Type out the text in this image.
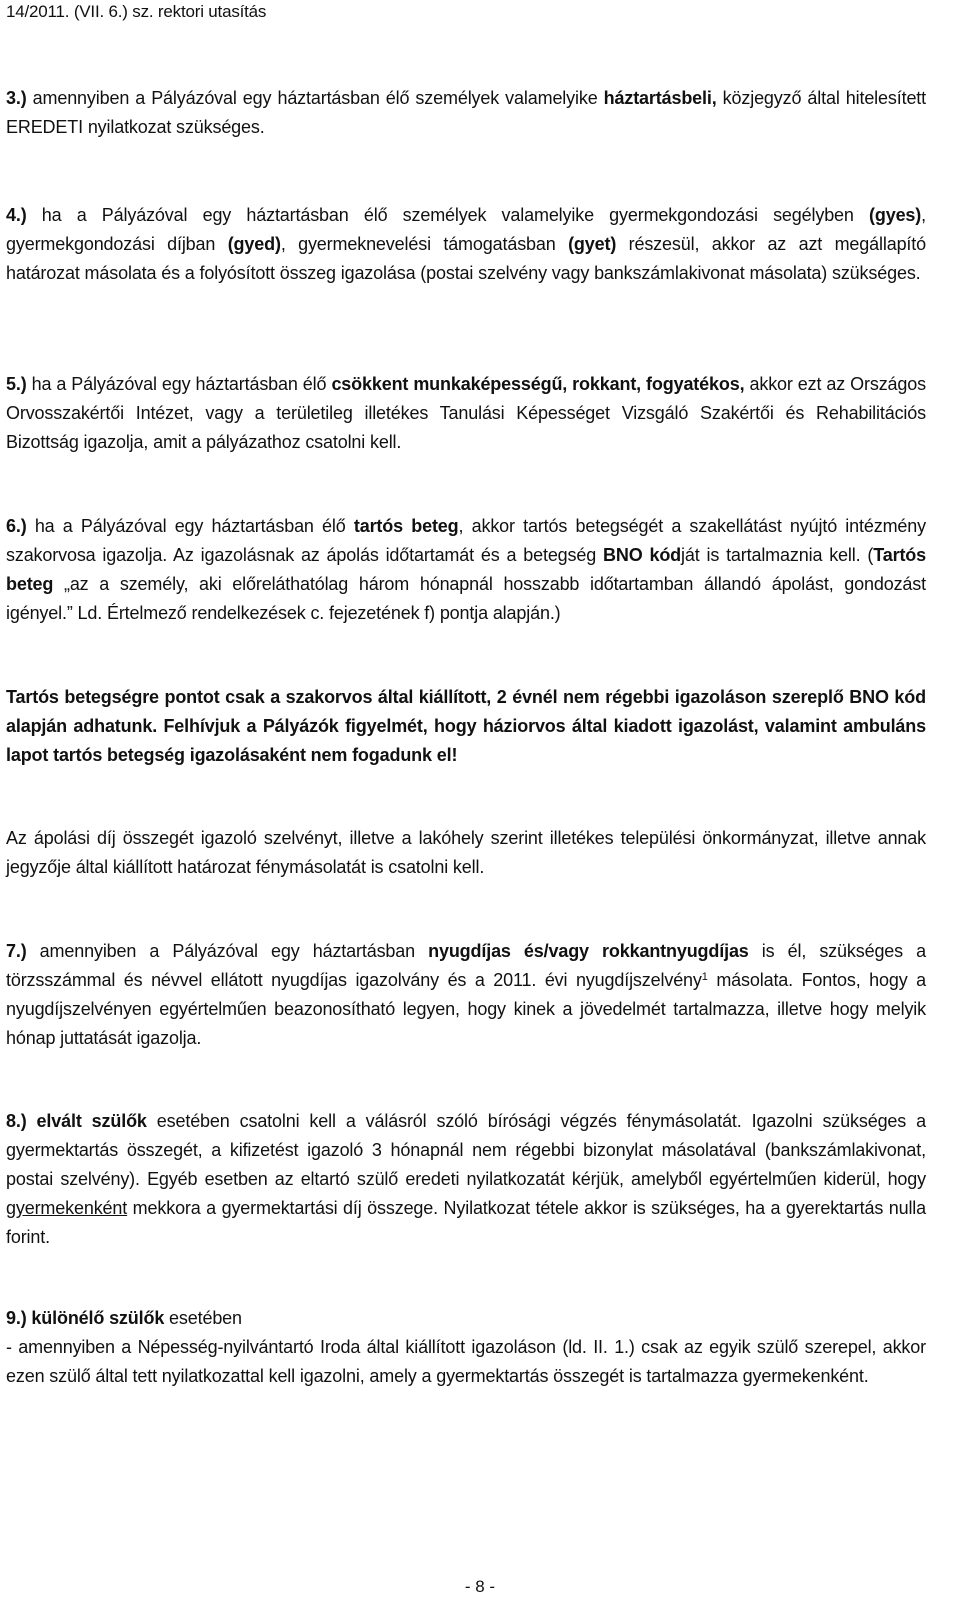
14/2011. (VII. 6.) sz. rektori utasítás

3.) amennyiben a Pályázóval egy háztartásban élő személyek valamelyike háztartásbeli, közjegyző által hitelesített EREDETI nyilatkozat szükséges.

4.) ha a Pályázóval egy háztartásban élő személyek valamelyike gyermekgondozási segélyben (gyes), gyermekgondozási díjban (gyed), gyermeknevelési támogatásban (gyet) részesül, akkor az azt megállapító határozat másolata és a folyósított összeg igazolása (postai szelvény vagy bankszámlakivonat másolata) szükséges.

5.) ha a Pályázóval egy háztartásban élő csökkent munkaképességű, rokkant, fogyatékos, akkor ezt az Országos Orvosszakértői Intézet, vagy a területileg illetékes Tanulási Képességet Vizsgáló Szakértői és Rehabilitációs Bizottság igazolja, amit a pályázathoz csatolni kell.

6.) ha a Pályázóval egy háztartásban élő tartós beteg, akkor tartós betegségét a szakellátást nyújtó intézmény szakorvosa igazolja. Az igazolásnak az ápolás időtartamát és a betegség BNO kódját is tartalmaznia kell. (Tartós beteg „az a személy, aki előreláthatólag három hónapnál hosszabb időtartamban állandó ápolást, gondozást igényel.” Ld. Értelmező rendelkezések c. fejezetének f) pontja alapján.)

Tartós betegségre pontot csak a szakorvos által kiállított, 2 évnél nem régebbi igazoláson szereplő BNO kód alapján adhatunk. Felhívjuk a Pályázók figyelmét, hogy háziorvos által kiadott igazolást, valamint ambuláns lapot tartós betegség igazolásaként nem fogadunk el!
Az ápolási díj összegét igazoló szelvényt, illetve a lakóhely szerint illetékes települési önkormányzat, illetve annak jegyzője által kiállított határozat fénymásolatát is csatolni kell.

7.) amennyiben a Pályázóval egy háztartásban nyugdíjas és/vagy rokkantnyugdíjas is él, szükséges a törzsszámmal és névvel ellátott nyugdíjas igazolvány és a 2011. évi nyugdíjszelvény$^1$ másolata. Fontos, hogy a nyugdíjszelvényen egyértelműen beazonosítható legyen, hogy kinek a jövedelmét tartalmazza, illetve hogy melyik hónap juttatását igazolja.

8.) elvált szülők esetében csatolni kell a válásról szóló bírósági végzés fénymásolatát. Igazolni szükséges a gyermektartás összegét, a kifizetést igazoló 3 hónapnál nem régebbi bizonylat másolatával (bankszámlakivonat, postai szelvény). Egyéb esetben az eltartó szülő eredeti nyilatkozatát kérjük, amelyből egyértelműen kiderül, hogy gyermekenként mekkora a gyermektartási díj összege. Nyilatkozat tétele akkor is szükséges, ha a gyerektartás nulla forint.

9.) különélő szülők esetében

- amennyiben a Népesség-nyilvántartó Iroda által kiállított igazoláson (ld. II. 1.) csak az egyik szülő szerepel, akkor ezen szülő által tett nyilatkozattal kell igazolni, amely a gyermektartás összegét is tartalmazza gyermekenként.

- 8 -
